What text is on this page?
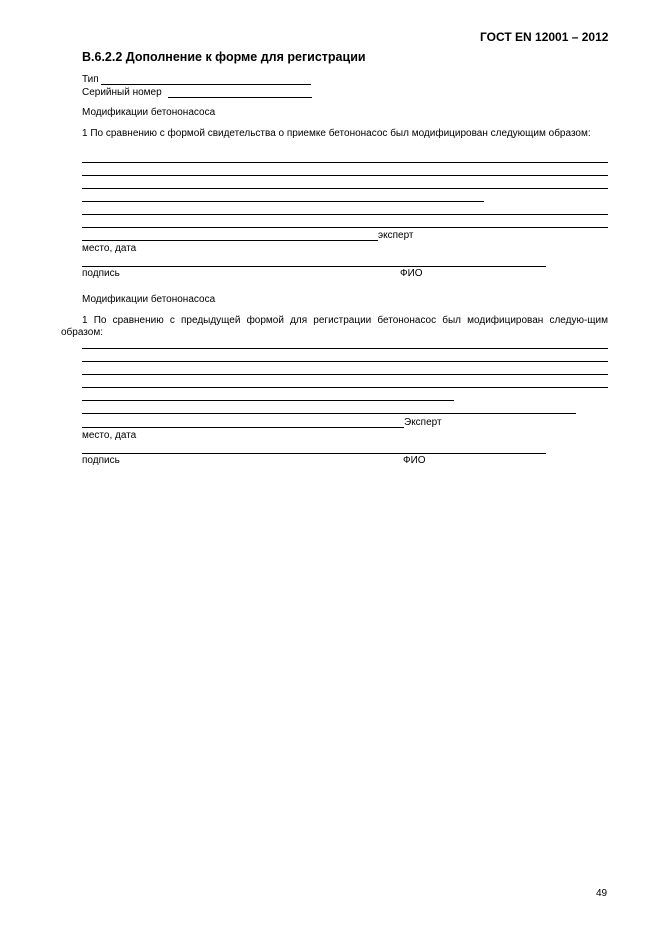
ГОСТ EN 12001 – 2012
B.6.2.2 Дополнение к форме для регистрации
Тип
Серийный номер
Модификации бетононасоса
1 По сравнению с формой свидетельства о приемке бетононасос был модифицирован следующим образом:
эксперт
место, дата
подпись	ФИО
Модификации бетононасоса
1 По сравнению с предыдущей формой для регистрации бетононасос был модифицирован следую-щим образом:
Эксперт
место, дата
подпись	ФИО
49
